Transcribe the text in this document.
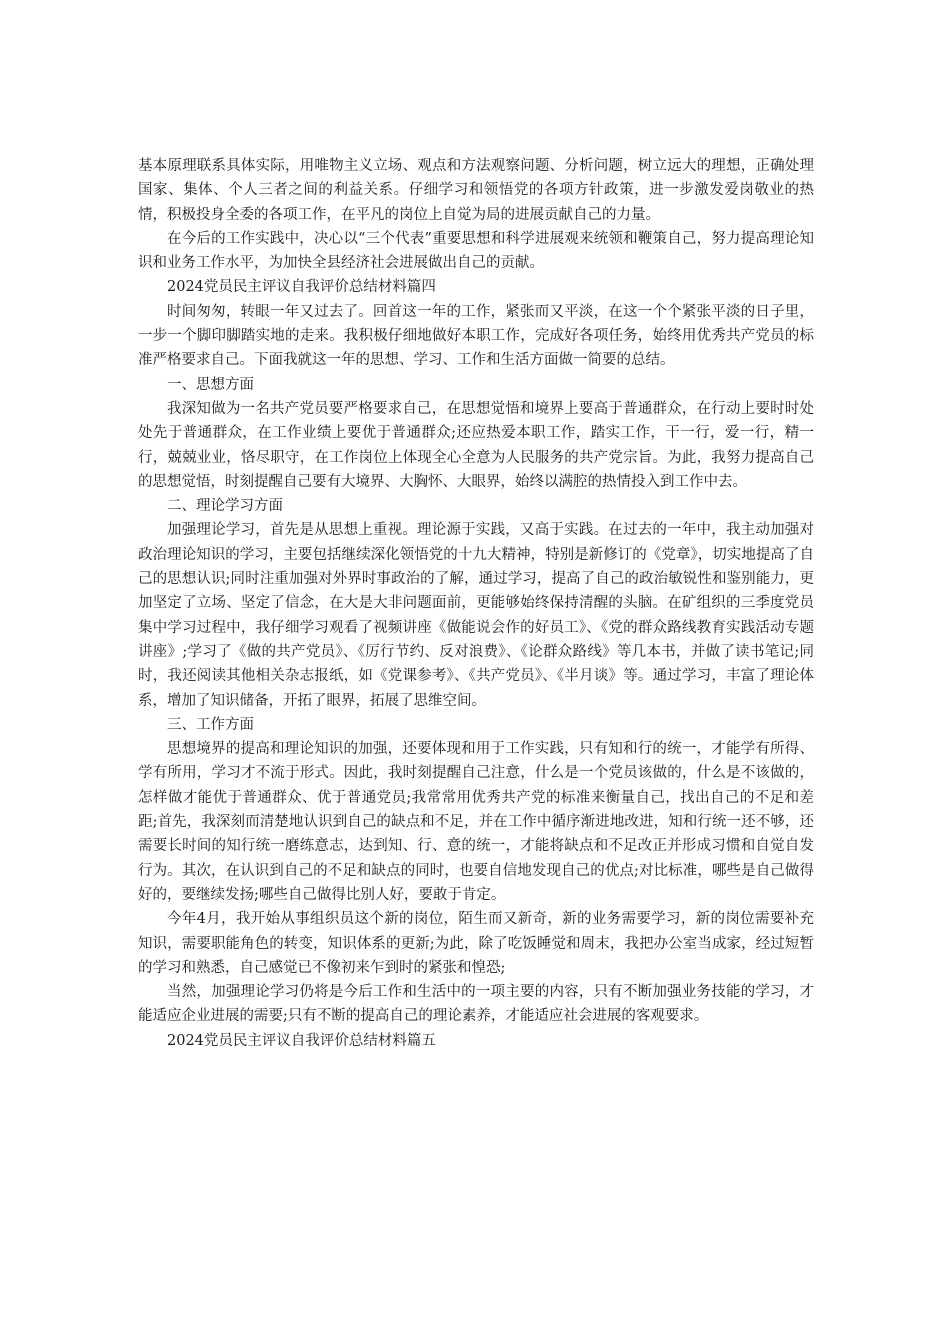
基本原理联系具体实际，用唯物主义立场、观点和方法观察问题、分析问题，树立远大的理想，正确处理国家、集体、个人三者之间的利益关系。仔细学习和领悟党的各项方针政策，进一步激发爱岗敬业的热情，积极投身全委的各项工作，在平凡的岗位上自觉为局的进展贡献自己的力量。

在今后的工作实践中，决心以“三个代表”重要思想和科学进展观来统领和鞭策自己，努力提高理论知识和业务工作水平，为加快全县经济社会进展做出自己的贡献。

2024党员民主评议自我评价总结材料篇四

时间匆匆，转眼一年又过去了。回首这一年的工作，紧张而又平淡，在这一个个紧张平淡的日子里，一步一个脚印脚踏实地的走来。我积极仔细地做好本职工作，完成好各项任务，始终用优秀共产党员的标准严格要求自己。下面我就这一年的思想、学习、工作和生活方面做一简要的总结。

一、思想方面

我深知做为一名共产党员要严格要求自己，在思想觉悟和境界上要高于普通群众，在行动上要时时处处先于普通群众，在工作业绩上要优于普通群众;还应热爱本职工作，踏实工作，干一行，爱一行，精一行，兢兢业业，恪尽职守，在工作岗位上体现全心全意为人民服务的共产党宗旨。为此，我努力提高自己的思想觉悟，时刻提醒自己要有大境界、大胸怀、大眼界，始终以满腔的热情投入到工作中去。

二、理论学习方面

加强理论学习，首先是从思想上重视。理论源于实践，又高于实践。在过去的一年中，我主动加强对政治理论知识的学习，主要包括继续深化领悟党的十九大精神，特别是新修订的《党章》，切实地提高了自己的思想认识;同时注重加强对外界时事政治的了解，通过学习，提高了自己的政治敏锐性和鉴别能力，更加坚定了立场、坚定了信念，在大是大非问题面前，更能够始终保持清醒的头脑。在矿组织的三季度党员集中学习过程中，我仔细学习观看了视频讲座《做能说会作的好员工》、《党的群众路线教育实践活动专题讲座》;学习了《做的共产党员》、《厉行节约、反对浪费》、《论群众路线》等几本书，并做了读书笔记;同时，我还阅读其他相关杂志报纸，如《党课参考》、《共产党员》、《半月谈》等。通过学习，丰富了理论体系，增加了知识储备，开拓了眼界，拓展了思维空间。

三、工作方面

思想境界的提高和理论知识的加强，还要体现和用于工作实践，只有知和行的统一，才能学有所得、学有所用，学习才不流于形式。因此，我时刻提醒自己注意，什么是一个党员该做的，什么是不该做的，怎样做才能优于普通群众、优于普通党员;我常常用优秀共产党的标准来衡量自己，找出自己的不足和差距;首先，我深刻而清楚地认识到自己的缺点和不足，并在工作中循序渐进地改进，知和行统一还不够，还需要长时间的知行统一磨练意志，达到知、行、意的统一，才能将缺点和不足改正并形成习惯和自觉自发行为。其次，在认识到自己的不足和缺点的同时，也要自信地发现自己的优点;对比标准，哪些是自己做得好的，要继续发扬;哪些自己做得比别人好，要敢于肯定。

今年4月，我开始从事组织员这个新的岗位，陌生而又新奇，新的业务需要学习，新的岗位需要补充知识，需要职能角色的转变，知识体系的更新;为此，除了吃饭睡觉和周末，我把办公室当成家，经过短暂的学习和熟悉，自己感觉已不像初来乍到时的紧张和惶恐;

当然，加强理论学习仍将是今后工作和生活中的一项主要的内容，只有不断加强业务技能的学习，才能适应企业进展的需要;只有不断的提高自己的理论素养，才能适应社会进展的客观要求。

2024党员民主评议自我评价总结材料篇五
